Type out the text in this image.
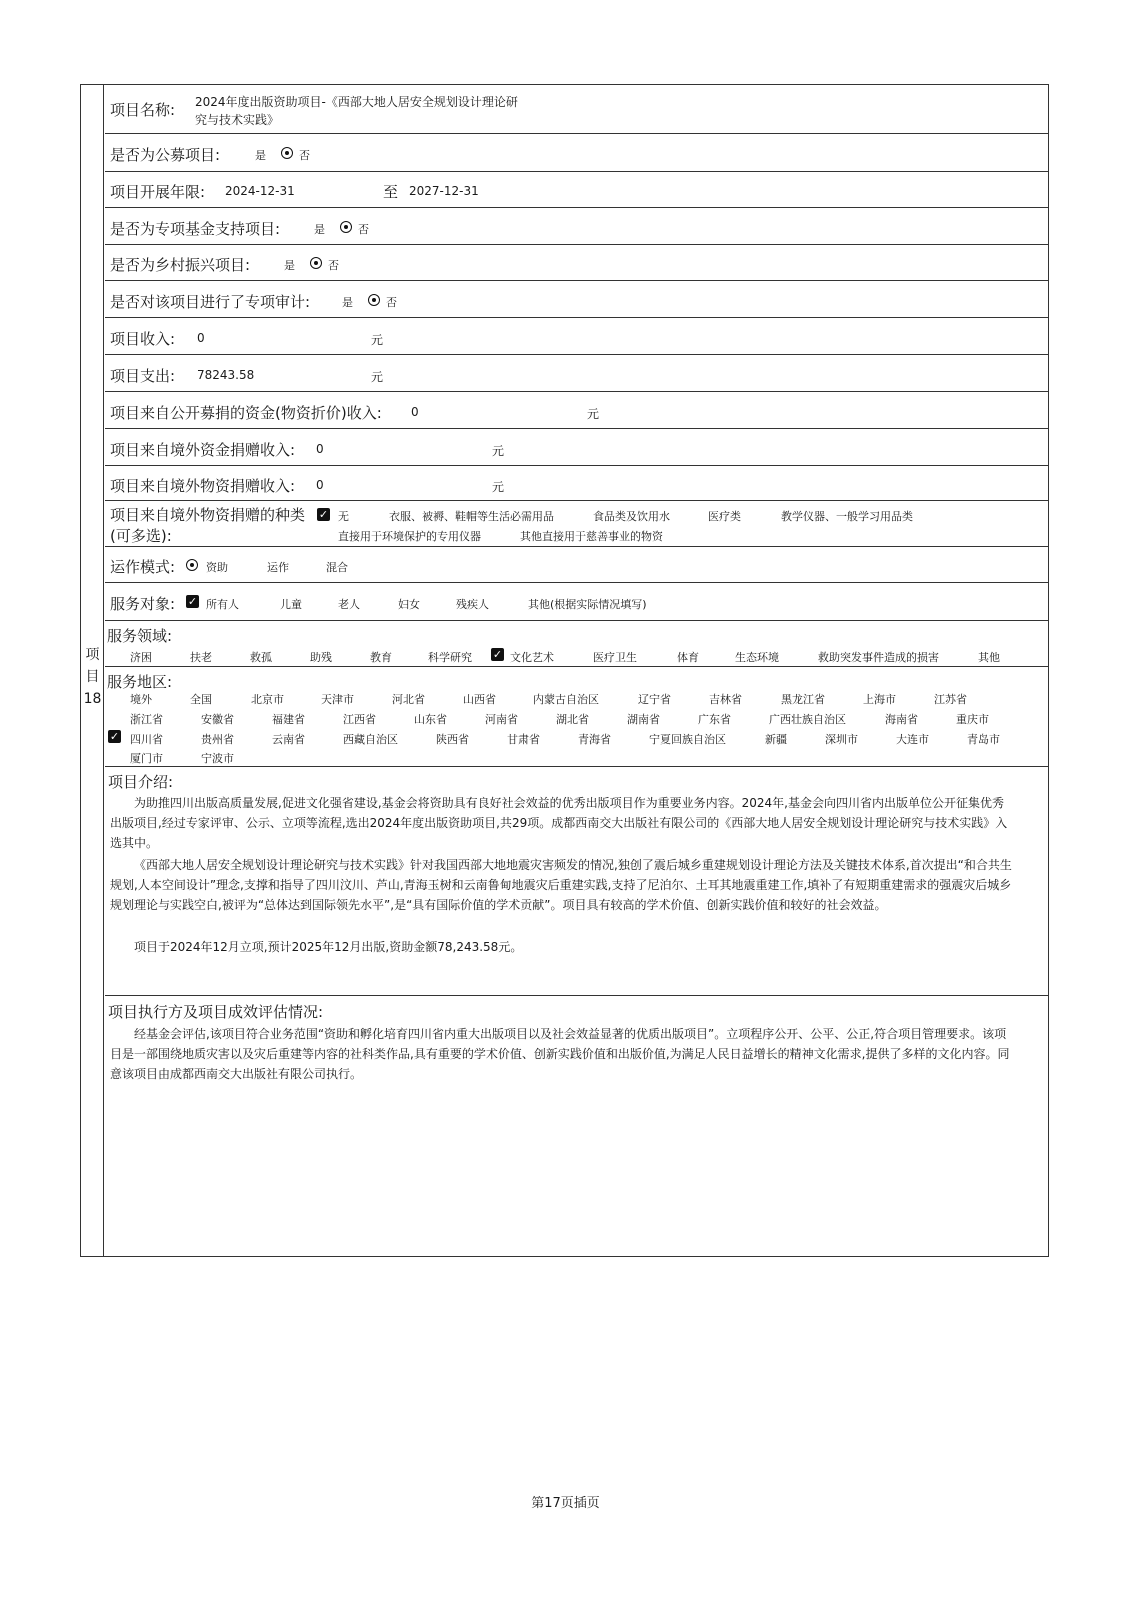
项
目
18
项目名称: 2024年度出版资助项目-《西部大地人居安全规划设计理论研
究与技术实践》
是否为公募项目:	是	否
项目开展年限: 2024-12-31	至 2027-12-31
是否为专项基金支持项目:	是	否
是否为乡村振兴项目:	是	否
是否对该项目进行了专项审计:	是	否
项目收入: 0	元
项目支出: 78243.58	元
项目来自公开募捐的资金(物资折价)收入: 0	元
项目来自境外资金捐赠收入: 0	元
项目来自境外物资捐赠收入: 0	元
项目来自境外物资捐赠的种类
(可多选):
✓ 无	衣服、被褥、鞋帽等生活必需用品	食品类及饮用水	医疗类	教学仪器、一般学习用品类
直接用于环境保护的专用仪器	其他直接用于慈善事业的物资
运作模式:	资助	运作	混合
服务对象: ✓ 所有人	儿童	老人	妇女	残疾人	其他(根据实际情况填写)
服务领域:
济困	扶老	救孤	助残	教育	科学研究 ✓ 文化艺术	医疗卫生	体育	生态环境	救助突发事件造成的损害	其他
服务地区:
境外	全国	北京市	天津市	河北省	山西省	内蒙古自治区	辽宁省	吉林省	黑龙江省	上海市	江苏省
浙江省	安徽省	福建省	江西省	山东省	河南省	湖北省	湖南省	广东省	广西壮族自治区	海南省	重庆市
✓ 四川省	贵州省	云南省	西藏自治区	陕西省	甘肃省	青海省	宁夏回族自治区	新疆	深圳市	大连市	青岛市
厦门市	宁波市
项目介绍:

为助推四川出版高质量发展,促进文化强省建设,基金会将资助具有良好社会效益的优秀出版项目作为重要业务内容。2024年,基金会向四川省内出版单位公开征集优秀出版项目,经过专家评审、公示、立项等流程,选出2024年度出版资助项目,共29项。成都西南交大出版社有限公司的《西部大地人居安全规划设计理论研究与技术实践》入选其中。

《西部大地人居安全规划设计理论研究与技术实践》针对我国西部大地地震灾害频发的情况,独创了震后城乡重建规划设计理论方法及关键技术体系,首次提出“和合共生规划,人本空间设计”理念,支撑和指导了四川汶川、芦山,青海玉树和云南鲁甸地震灾后重建实践,支持了尼泊尔、土耳其地震重建工作,填补了有短期重建需求的强震灾后城乡规划理论与实践空白,被评为“总体达到国际领先水平”,是“具有国际价值的学术贡献”。项目具有较高的学术价值、创新实践价值和较好的社会效益。

项目于2024年12月立项,预计2025年12月出版,资助金额78,243.58元。

项目执行方及项目成效评估情况:

经基金会评估,该项目符合业务范围“资助和孵化培育四川省内重大出版项目以及社会效益显著的优质出版项目”。立项程序公开、公平、公正,符合项目管理要求。该项目是一部围绕地质灾害以及灾后重建等内容的社科类作品,具有重要的学术价值、创新实践价值和出版价值,为满足人民日益增长的精神文化需求,提供了多样的文化内容。同意该项目由成都西南交大出版社有限公司执行。

第17页插页
